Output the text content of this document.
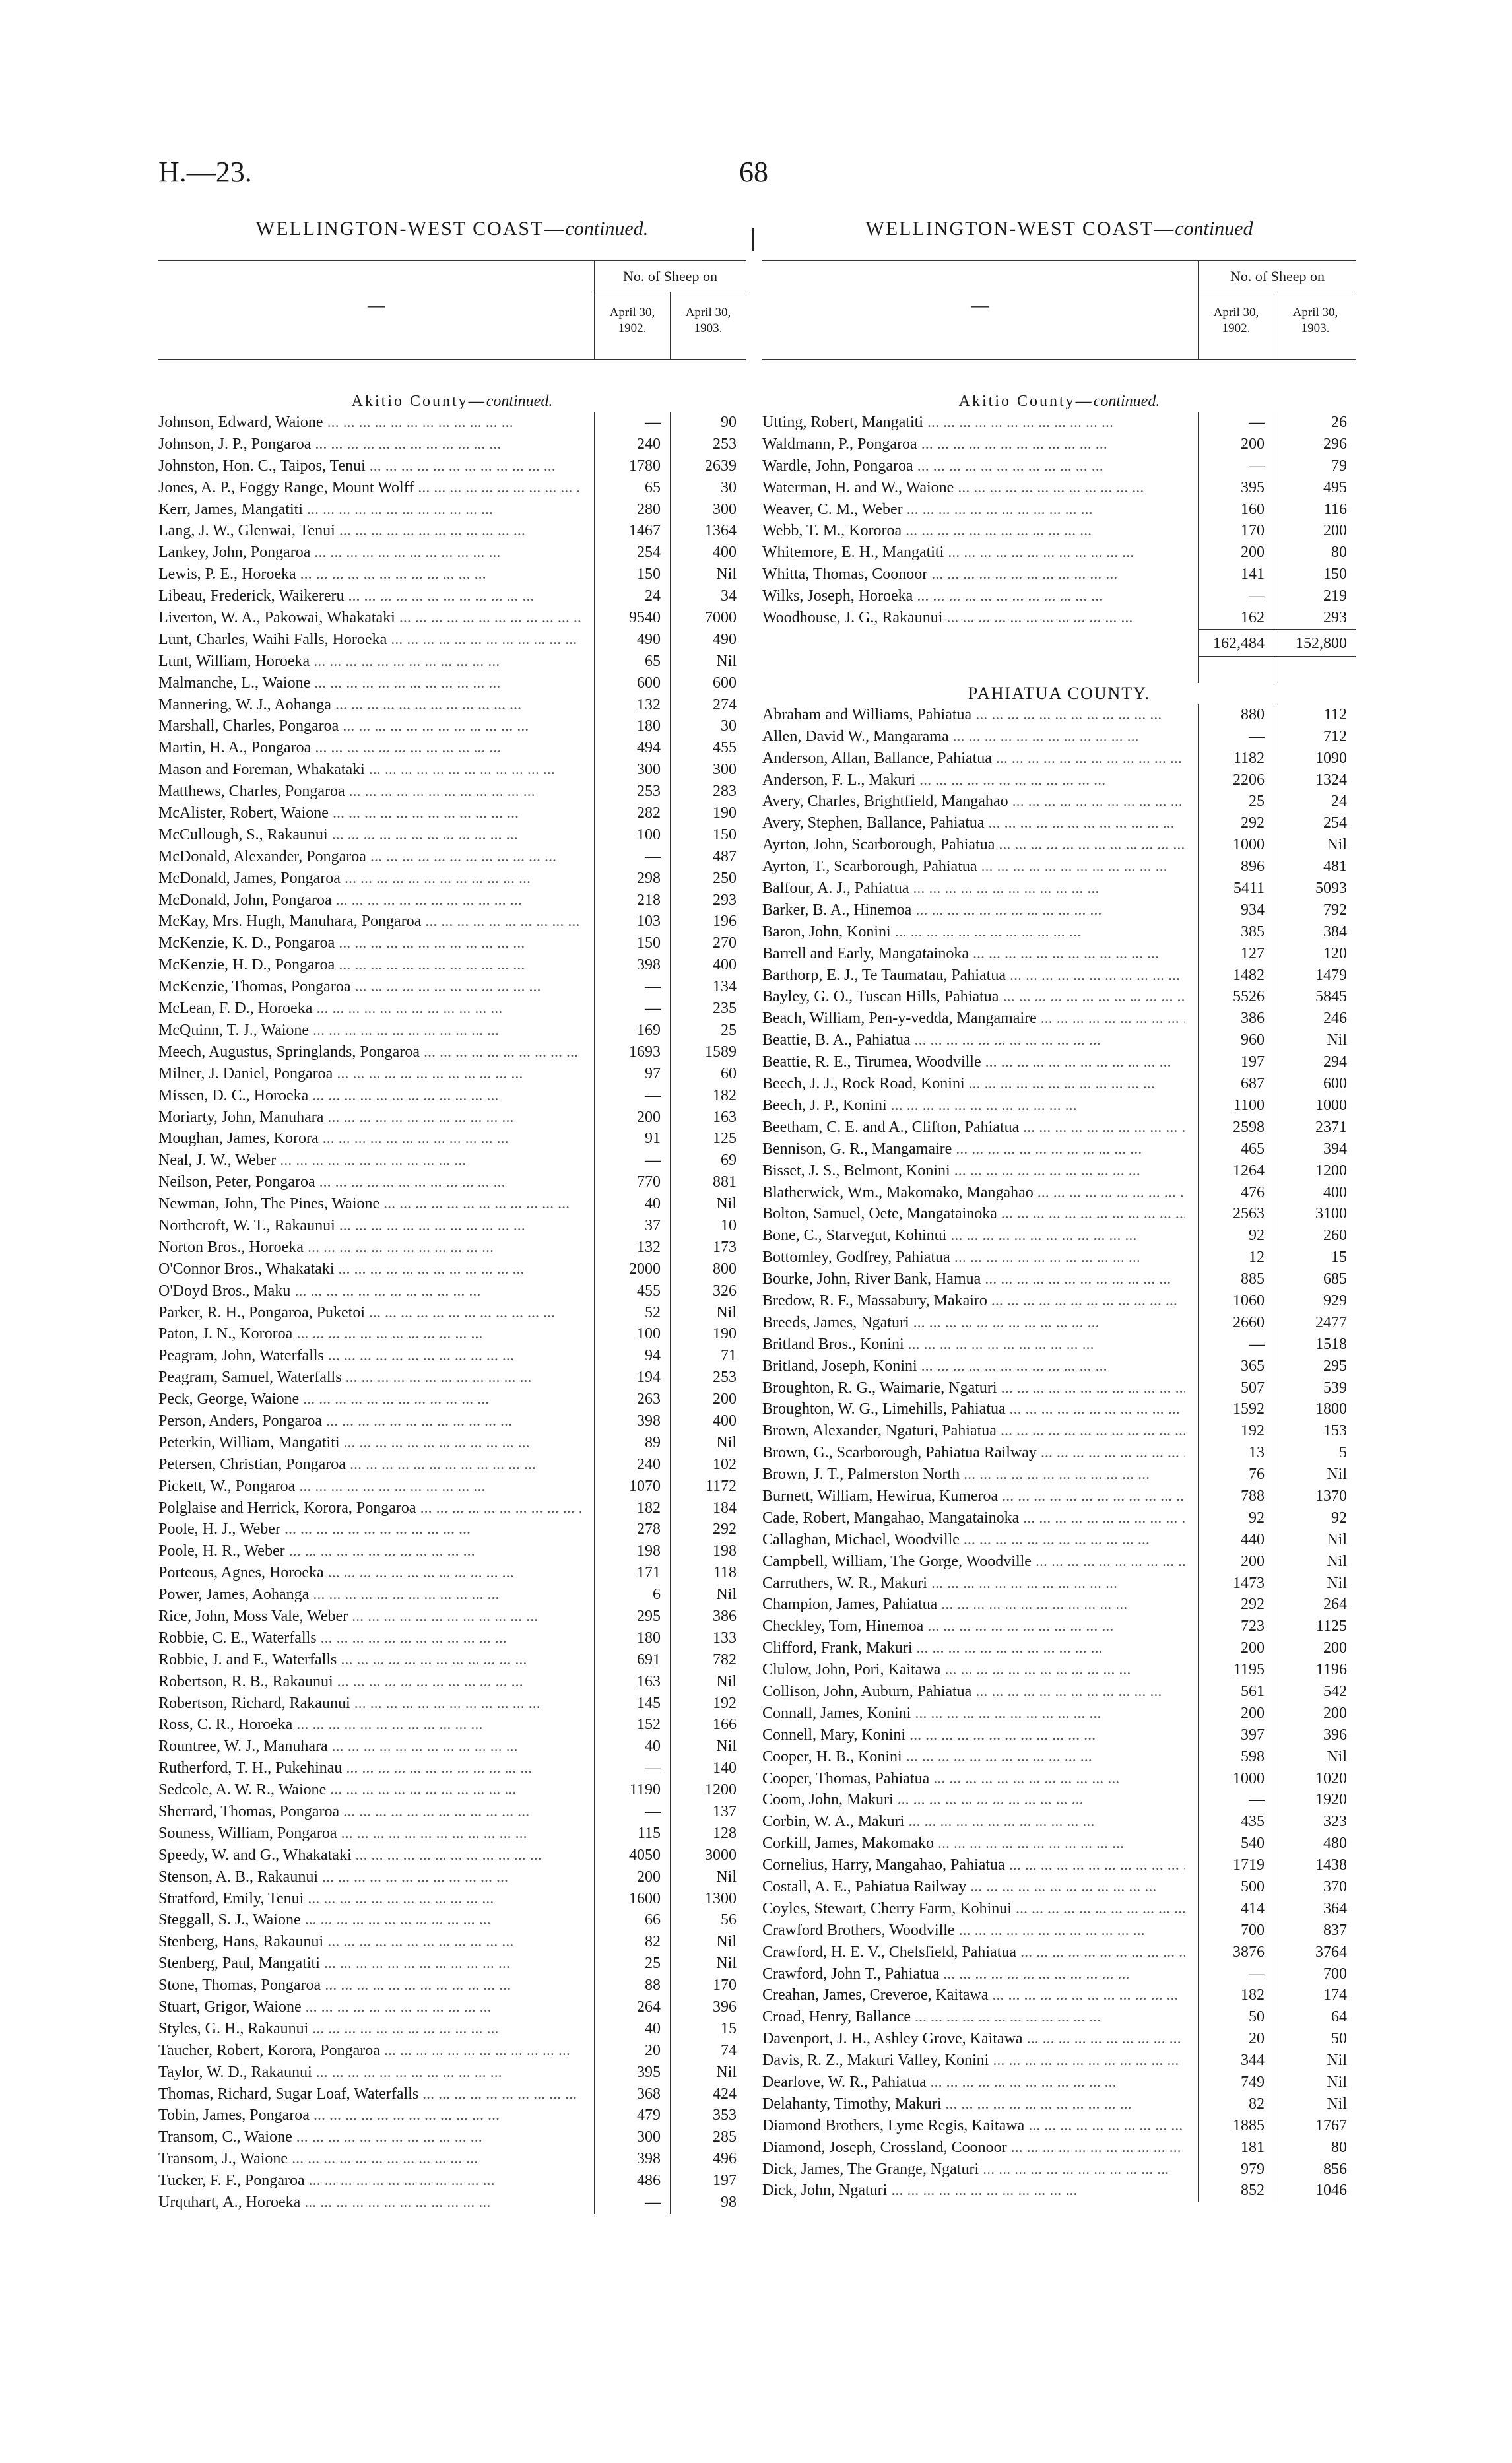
H.—23.	68
WELLINGTON-WEST COAST—continued.
—
No. of Sheep on
April 30,
1902.
April 30,
1903.
Akitio County—continued.
Johnson, Edward, Waione ... .	—	90
Johnson, J. P., Pongaroa ... .	240	253
Johnston, Hon. C., Taipos, Tenui ... .	1780	2639
Jones, A. P., Foggy Range, Mount Wolff ... .	65	30
Kerr, James, Mangatiti ... .	280	300
Lang, J. W., Glenwai, Tenui ... .	1467	1364
Lankey, John, Pongaroa ... .	254	400
Lewis, P. E., Horoeka ... .	150	Nil
Libeau, Frederick, Waikereru ... .	24	34
Liverton, W. A., Pakowai, Whakataki ... .	9540	7000
Lunt, Charles, Waihi Falls, Horoeka ... .	490	490
Lunt, William, Horoeka ... .	65	Nil
Malmanche, L., Waione ... .	600	600
Mannering, W. J., Aohanga ... .	132	274
Marshall, Charles, Pongaroa ... .	180	30
Martin, H. A., Pongaroa ... .	494	455
Mason and Foreman, Whakataki ... .	300	300
Matthews, Charles, Pongaroa ... .	253	283
McAlister, Robert, Waione ... .	282	190
McCullough, S., Rakaunui ... .	100	150
McDonald, Alexander, Pongaroa ... .	—	487
McDonald, James, Pongaroa ... .	298	250
McDonald, John, Pongaroa ... .	218	293
McKay, Mrs. Hugh, Manuhara, Pongaroa ... .	103	196
McKenzie, K. D., Pongaroa ... .	150	270
McKenzie, H. D., Pongaroa ... .	398	400
McKenzie, Thomas, Pongaroa ... .	—	134
McLean, F. D., Horoeka ... .	—	235
McQuinn, T. J., Waione ... .	169	25
Meech, Augustus, Springlands, Pongaroa ... .	1693	1589
Milner, J. Daniel, Pongaroa ... .	97	60
Missen, D. C., Horoeka ... .	—	182
Moriarty, John, Manuhara ... .	200	163
Moughan, James, Korora ... .	91	125
Neal, J. W., Weber ... .	—	69
Neilson, Peter, Pongaroa ... .	770	881
Newman, John, The Pines, Waione ... .	40	Nil
Northcroft, W. T., Rakaunui ... .	37	10
Norton Bros., Horoeka ... .	132	173
O'Connor Bros., Whakataki ... .	2000	800
O'Doyd Bros., Maku ... .	455	326
Parker, R. H., Pongaroa, Puketoi ... .	52	Nil
Paton, J. N., Kororoa ... .	100	190
Peagram, John, Waterfalls ... .	94	71
Peagram, Samuel, Waterfalls ... .	194	253
Peck, George, Waione ... .	263	200
Person, Anders, Pongaroa ... .	398	400
Peterkin, William, Mangatiti ... .	89	Nil
Petersen, Christian, Pongaroa ... .	240	102
Pickett, W., Pongaroa ... .	1070	1172
Polglaise and Herrick, Korora, Pongaroa ... .	182	184
Poole, H. J., Weber ... .	278	292
Poole, H. R., Weber ... .	198	198
Porteous, Agnes, Horoeka ... .	171	118
Power, James, Aohanga ... .	6	Nil
Rice, John, Moss Vale, Weber ... .	295	386
Robbie, C. E., Waterfalls ... .	180	133
Robbie, J. and F., Waterfalls ... .	691	782
Robertson, R. B., Rakaunui ... .	163	Nil
Robertson, Richard, Rakaunui ... .	145	192
Ross, C. R., Horoeka ... .	152	166
Rountree, W. J., Manuhara ... .	40	Nil
Rutherford, T. H., Pukehinau ... .	—	140
Sedcole, A. W. R., Waione ... .	1190	1200
Sherrard, Thomas, Pongaroa ... .	—	137
Souness, William, Pongaroa ... .	115	128
Speedy, W. and G., Whakataki ... .	4050	3000
Stenson, A. B., Rakaunui ... .	200	Nil
Stratford, Emily, Tenui ... .	1600	1300
Steggall, S. J., Waione ... .	66	56
Stenberg, Hans, Rakaunui ... .	82	Nil
Stenberg, Paul, Mangatiti ... .	25	Nil
Stone, Thomas, Pongaroa ... .	88	170
Stuart, Grigor, Waione ... .	264	396
Styles, G. H., Rakaunui ... .	40	15
Taucher, Robert, Korora, Pongaroa ... .	20	74
Taylor, W. D., Rakaunui ... .	395	Nil
Thomas, Richard, Sugar Loaf, Waterfalls ... .	368	424
Tobin, James, Pongaroa ... .	479	353
Transom, C., Waione ... .	300	285
Transom, J., Waione ... .	398	496
Tucker, F. F., Pongaroa ... .	486	197
Urquhart, A., Horoeka ... .	—	98
WELLINGTON-WEST COAST—continued
—
No. of Sheep on
April 30,
1902.
April 30,
1903.
Akitio County—continued.
Utting, Robert, Mangatiti ... .	—	26
Waldmann, P., Pongaroa ... .	200	296
Wardle, John, Pongaroa ... .	—	79
Waterman, H. and W., Waione ... .	395	495
Weaver, C. M., Weber ... .	160	116
Webb, T. M., Kororoa ... .	170	200
Whitemore, E. H., Mangatiti ... .	200	80
Whitta, Thomas, Coonoor ... .	141	150
Wilks, Joseph, Horoeka ... .	—	219
Woodhouse, J. G., Rakaunui ... .	162	293
162,484	152,800
PAHIATUA COUNTY.
Abraham and Williams, Pahiatua ... .	880	112
Allen, David W., Mangarama ... .	—	712
Anderson, Allan, Ballance, Pahiatua ... .	1182	1090
Anderson, F. L., Makuri ... .	2206	1324
Avery, Charles, Brightfield, Mangahao ... .	25	24
Avery, Stephen, Ballance, Pahiatua ... .	292	254
Ayrton, John, Scarborough, Pahiatua ... .	1000	Nil
Ayrton, T., Scarborough, Pahiatua ... .	896	481
Balfour, A. J., Pahiatua ... .	5411	5093
Barker, B. A., Hinemoa ... .	934	792
Baron, John, Konini ... .	385	384
Barrell and Early, Mangatainoka ... .	127	120
Barthorp, E. J., Te Taumatau, Pahiatua ... .	1482	1479
Bayley, G. O., Tuscan Hills, Pahiatua ... .	5526	5845
Beach, William, Pen-y-vedda, Mangamaire ... .	386	246
Beattie, B. A., Pahiatua ... .	960	Nil
Beattie, R. E., Tirumea, Woodville ... .	197	294
Beech, J. J., Rock Road, Konini ... .	687	600
Beech, J. P., Konini ... .	1100	1000
Beetham, C. E. and A., Clifton, Pahiatua ... .	2598	2371
Bennison, G. R., Mangamaire ... .	465	394
Bisset, J. S., Belmont, Konini ... .	1264	1200
Blatherwick, Wm., Makomako, Mangahao ... .	476	400
Bolton, Samuel, Oete, Mangatainoka ... .	2563	3100
Bone, C., Starvegut, Kohinui ... .	92	260
Bottomley, Godfrey, Pahiatua ... .	12	15
Bourke, John, River Bank, Hamua ... .	885	685
Bredow, R. F., Massabury, Makairo ... .	1060	929
Breeds, James, Ngaturi ... .	2660	2477
Britland Bros., Konini ... .	—	1518
Britland, Joseph, Konini ... .	365	295
Broughton, R. G., Waimarie, Ngaturi ... .	507	539
Broughton, W. G., Limehills, Pahiatua ... .	1592	1800
Brown, Alexander, Ngaturi, Pahiatua ... .	192	153
Brown, G., Scarborough, Pahiatua Railway ... .	13	5
Brown, J. T., Palmerston North ... .	76	Nil
Burnett, William, Hewirua, Kumeroa ... .	788	1370
Cade, Robert, Mangahao, Mangatainoka ... .	92	92
Callaghan, Michael, Woodville ... .	440	Nil
Campbell, William, The Gorge, Woodville ... .	200	Nil
Carruthers, W. R., Makuri ... .	1473	Nil
Champion, James, Pahiatua ... .	292	264
Checkley, Tom, Hinemoa ... .	723	1125
Clifford, Frank, Makuri ... .	200	200
Clulow, John, Pori, Kaitawa ... .	1195	1196
Collison, John, Auburn, Pahiatua ... .	561	542
Connall, James, Konini ... .	200	200
Connell, Mary, Konini ... .	397	396
Cooper, H. B., Konini ... .	598	Nil
Cooper, Thomas, Pahiatua ... .	1000	1020
Coom, John, Makuri ... .	—	1920
Corbin, W. A., Makuri ... .	435	323
Corkill, James, Makomako ... .	540	480
Cornelius, Harry, Mangahao, Pahiatua ... .	1719	1438
Costall, A. E., Pahiatua Railway ... .	500	370
Coyles, Stewart, Cherry Farm, Kohinui ... .	414	364
Crawford Brothers, Woodville ... .	700	837
Crawford, H. E. V., Chelsfield, Pahiatua ... .	3876	3764
Crawford, John T., Pahiatua ... .	—	700
Creahan, James, Creveroe, Kaitawa ... .	182	174
Croad, Henry, Ballance ... .	50	64
Davenport, J. H., Ashley Grove, Kaitawa ... .	20	50
Davis, R. Z., Makuri Valley, Konini ... .	344	Nil
Dearlove, W. R., Pahiatua ... .	749	Nil
Delahanty, Timothy, Makuri ... .	82	Nil
Diamond Brothers, Lyme Regis, Kaitawa ... .	1885	1767
Diamond, Joseph, Crossland, Coonoor ... .	181	80
Dick, James, The Grange, Ngaturi ... .	979	856
Dick, John, Ngaturi ... .	852	1046
